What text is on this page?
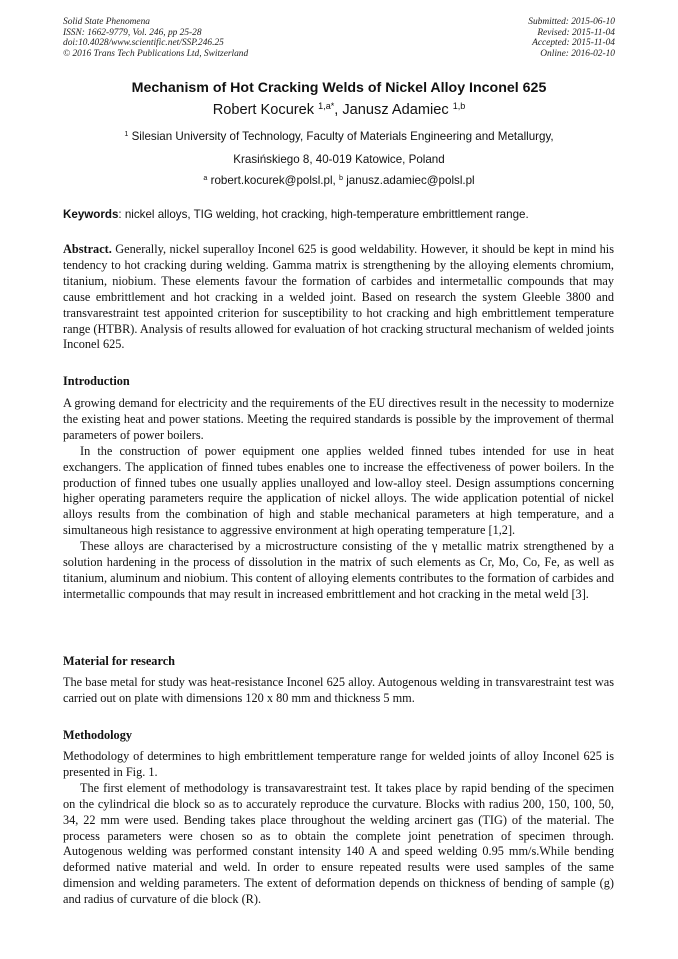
Solid State Phenomena
ISSN: 1662-9779, Vol. 246, pp 25-28
doi:10.4028/www.scientific.net/SSP.246.25
© 2016 Trans Tech Publications Ltd, Switzerland
Submitted: 2015-06-10
Revised: 2015-11-04
Accepted: 2015-11-04
Online: 2016-02-10
Mechanism of Hot Cracking Welds of Nickel Alloy Inconel 625
Robert Kocurek $^{1,a*}$, Janusz Adamiec $^{1,b}$
$^1$ Silesian University of Technology, Faculty of Materials Engineering and Metallurgy,
Krasińskiego 8, 40-019 Katowice, Poland
$^a$ robert.kocurek@polsl.pl, $^b$ janusz.adamiec@polsl.pl
Keywords: nickel alloys, TIG welding, hot cracking, high-temperature embrittlement range.

Abstract. Generally, nickel superalloy Inconel 625 is good weldability. However, it should be kept in mind his tendency to hot cracking during welding. Gamma matrix is strengthening by the alloying elements chromium, titanium, niobium. These elements favour the formation of carbides and intermetallic compounds that may cause embrittlement and hot cracking in a welded joint. Based on research the system Gleeble 3800 and transvarestraint test appointed criterion for susceptibility to hot cracking and high embrittlement temperature range (HTBR). Analysis of results allowed for evaluation of hot cracking structural mechanism of welded joints Inconel 625.

Introduction

A growing demand for electricity and the requirements of the EU directives result in the necessity to modernize the existing heat and power stations. Meeting the required standards is possible by the improvement of thermal parameters of power boilers.

In the construction of power equipment one applies welded finned tubes intended for use in heat exchangers. The application of finned tubes enables one to increase the effectiveness of power boilers. In the production of finned tubes one usually applies unalloyed and low-alloy steel. Design assumptions concerning higher operating parameters require the application of nickel alloys. The wide application potential of nickel alloys results from the combination of high and stable mechanical parameters at high temperature, and a simultaneous high resistance to aggressive environment at high operating temperature [1,2].

These alloys are characterised by a microstructure consisting of the γ metallic matrix strengthened by a solution hardening in the process of dissolution in the matrix of such elements as Cr, Mo, Co, Fe, as well as titanium, aluminum and niobium. This content of alloying elements contributes to the formation of carbides and intermetallic compounds that may result in increased embrittlement and hot cracking in the metal weld [3].

Material for research

The base metal for study was heat-resistance Inconel 625 alloy. Autogenous welding in transvarestraint test was carried out on plate with dimensions 120 x 80 mm and thickness 5 mm.

Methodology

Methodology of determines to high embrittlement temperature range for welded joints of alloy Inconel 625 is presented in Fig. 1.

The first element of methodology is transavarestraint test. It takes place by rapid bending of the specimen on the cylindrical die block so as to accurately reproduce the curvature. Blocks with radius 200, 150, 100, 50, 34, 22 mm were used. Bending takes place throughout the welding arcinert gas (TIG) of the material. The process parameters were chosen so as to obtain the complete joint penetration of specimen through. Autogenous welding was performed constant intensity 140 A and speed welding 0.95 mm/s.While bending deformed native material and weld. In order to ensure repeated results were used samples of the same dimension and welding parameters. The extent of deformation depends on thickness of bending of sample (g) and radius of curvature of die block (R).
